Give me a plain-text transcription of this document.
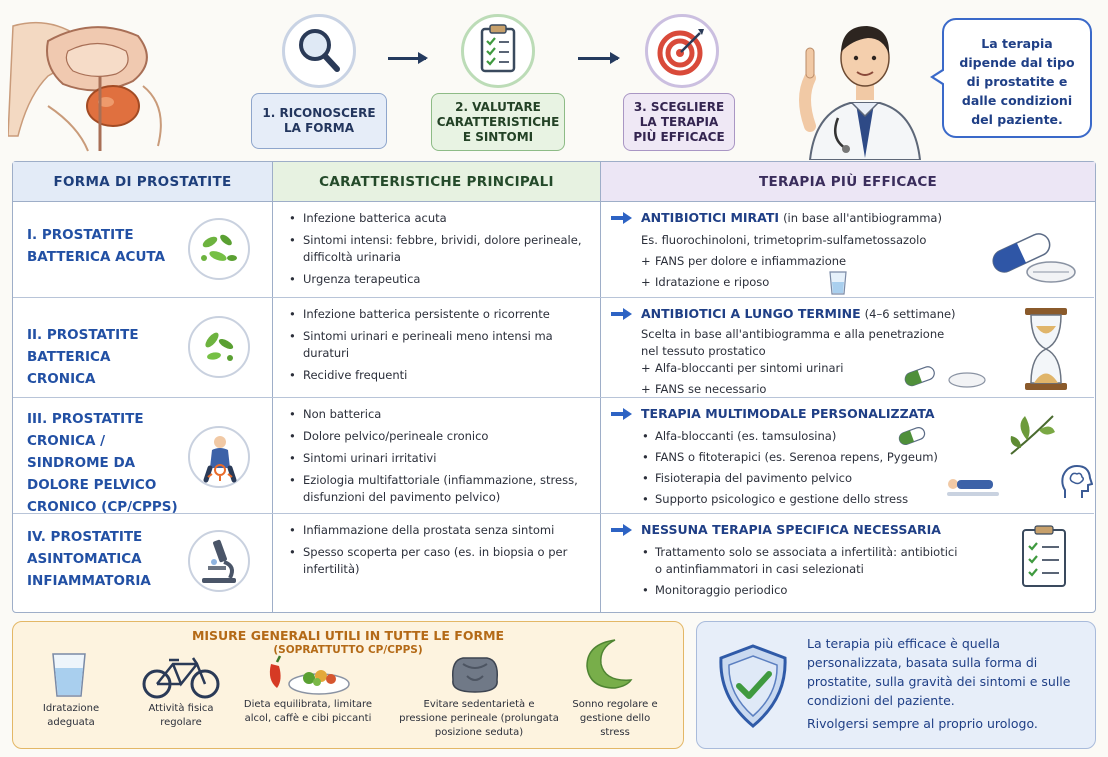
1. RICONOSCERE LA FORMA
2. VALUTARE CARATTERISTICHE E SINTOMI
3. SCEGLIERE LA TERAPIA PIÙ EFFICACE
La terapia dipende dal tipo di prostatite e dalle condizioni del paziente.
FORMA DI PROSTATITE	CARATTERISTICHE PRINCIPALI	TERAPIA PIÙ EFFICACE
I. PROSTATITE BATTERICA ACUTA
• Infezione batterica acuta
• Sintomi intensi: febbre, brividi, dolore perineale, difficoltà urinaria
• Urgenza terapeutica
ANTIBIOTICI MIRATI (in base all'antibiogramma)
Es. fluorochinoloni, trimetoprim-sulfametossazolo
+ FANS per dolore e infiammazione
+ Idratazione e riposo
II. PROSTATITE BATTERICA CRONICA
• Infezione batterica persistente o ricorrente
• Sintomi urinari e perineali meno intensi ma duraturi
• Recidive frequenti
ANTIBIOTICI A LUNGO TERMINE (4–6 settimane)
Scelta in base all'antibiogramma e alla penetrazione nel tessuto prostatico
+ Alfa-bloccanti per sintomi urinari
+ FANS se necessario
III. PROSTATITE CRONICA / SINDROME DA DOLORE PELVICO CRONICO (CP/CPPS)
• Non batterica
• Dolore pelvico/perineale cronico
• Sintomi urinari irritativi
• Eziologia multifattoriale (infiammazione, stress, disfunzioni del pavimento pelvico)
TERAPIA MULTIMODALE PERSONALIZZATA
• Alfa-bloccanti (es. tamsulosina)
• FANS o fitoterapici (es. Serenoa repens, Pygeum)
• Fisioterapia del pavimento pelvico
• Supporto psicologico e gestione dello stress
IV. PROSTATITE ASINTOMATICA INFIAMMATORIA
• Infiammazione della prostata senza sintomi
• Spesso scoperta per caso (es. in biopsia o per infertilità)
NESSUNA TERAPIA SPECIFICA NECESSARIA
• Trattamento solo se associata a infertilità: antibiotici o antinfiammatori in casi selezionati
• Monitoraggio periodico
MISURE GENERALI UTILI IN TUTTE LE FORME
(SOPRATTUTTO CP/CPPS)
Idratazione adeguata
Attività fisica regolare
Dieta equilibrata, limitare alcol, caffè e cibi piccanti
Evitare sedentarietà e pressione perineale (prolungata posizione seduta)
Sonno regolare e gestione dello stress

La terapia più efficace è quella personalizzata, basata sulla forma di prostatite, sulla gravità dei sintomi e sulle condizioni del paziente.

Rivolgersi sempre al proprio urologo.
